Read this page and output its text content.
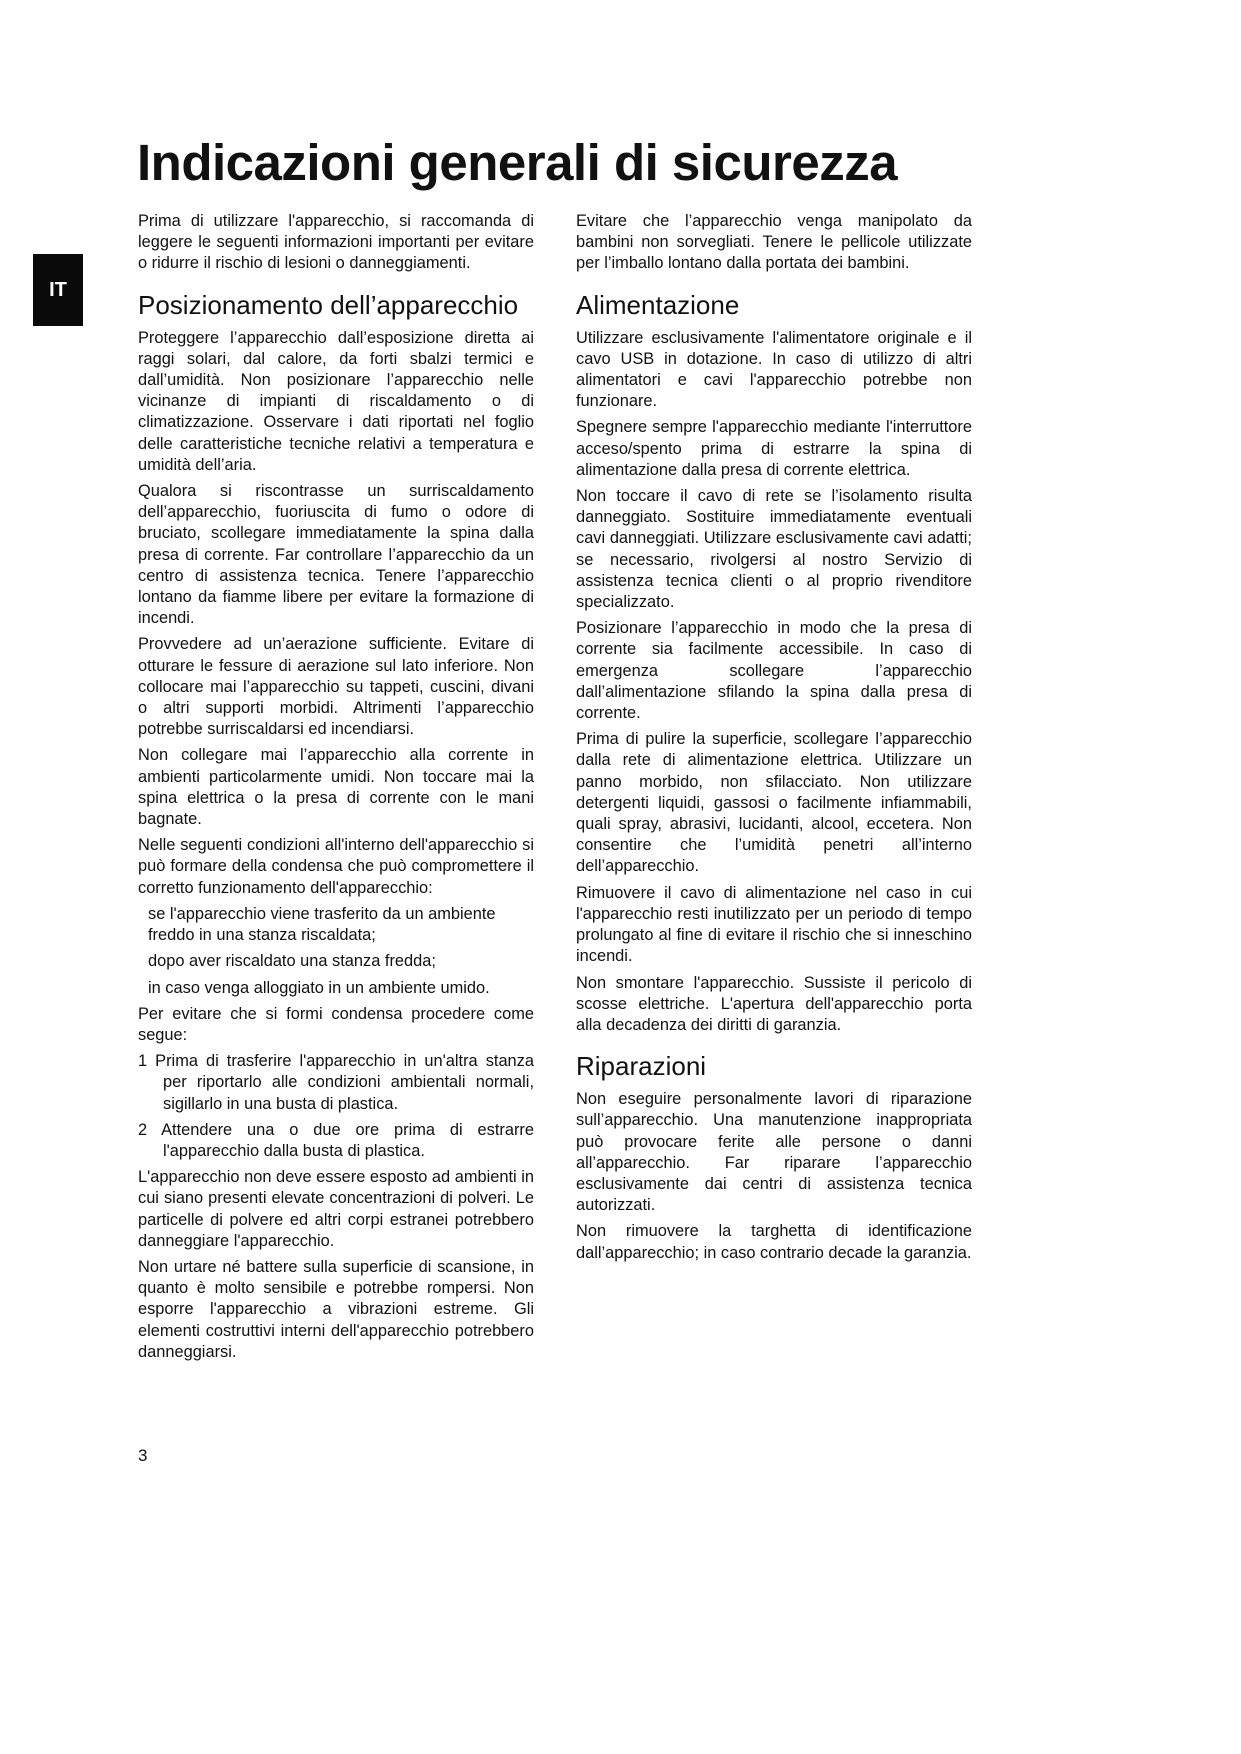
IT
Indicazioni generali di sicurezza

Prima di utilizzare l'apparecchio, si raccomanda di leggere le seguenti informazioni importanti per evitare o ridurre il rischio di lesioni o danneggiamenti.

Posizionamento dell’apparecchio

Proteggere l’apparecchio dall’esposizione diretta ai raggi solari, dal calore, da forti sbalzi termici e dall’umidità. Non posizionare l’apparecchio nelle vicinanze di impianti di riscaldamento o di climatizzazione. Osservare i dati riportati nel foglio delle caratteristiche tecniche relativi a temperatura e umidità dell’aria.

Qualora si riscontrasse un surriscaldamento dell’apparecchio, fuoriuscita di fumo o odore di bruciato, scollegare immediatamente la spina dalla presa di corrente. Far controllare l’apparecchio da un centro di assistenza tecnica. Tenere l’apparecchio lontano da fiamme libere per evitare la formazione di incendi.

Provvedere ad un’aerazione sufficiente. Evitare di otturare le fessure di aerazione sul lato inferiore. Non collocare mai l’apparecchio su tappeti, cuscini, divani o altri supporti morbidi. Altrimenti l’apparecchio potrebbe surriscaldarsi ed incendiarsi.

Non collegare mai l’apparecchio alla corrente in ambienti particolarmente umidi. Non toccare mai la spina elettrica o la presa di corrente con le mani bagnate.

Nelle seguenti condizioni all'interno dell'apparecchio si può formare della condensa che può compromettere il corretto funzionamento dell'apparecchio:

se l'apparecchio viene trasferito da un ambiente freddo in una stanza riscaldata;

dopo aver riscaldato una stanza fredda;

in caso venga alloggiato in un ambiente umido.

Per evitare che si formi condensa procedere come segue:

1 Prima di trasferire l'apparecchio in un'altra stanza per riportarlo alle condizioni ambientali normali, sigillarlo in una busta di plastica.

2 Attendere una o due ore prima di estrarre l'apparecchio dalla busta di plastica.

L'apparecchio non deve essere esposto ad ambienti in cui siano presenti elevate concentrazioni di polveri. Le particelle di polvere ed altri corpi estranei potrebbero danneggiare l'apparecchio.

Non urtare né battere sulla superficie di scansione, in quanto è molto sensibile e potrebbe rompersi. Non esporre l'apparecchio a vibrazioni estreme. Gli elementi costruttivi interni dell'apparecchio potrebbero danneggiarsi.

Evitare che l’apparecchio venga manipolato da bambini non sorvegliati. Tenere le pellicole utilizzate per l’imballo lontano dalla portata dei bambini.

Alimentazione

Utilizzare esclusivamente l'alimentatore originale e il cavo USB in dotazione. In caso di utilizzo di altri alimentatori e cavi l'apparecchio potrebbe non funzionare.

Spegnere sempre l'apparecchio mediante l'interruttore acceso/spento prima di estrarre la spina di alimentazione dalla presa di corrente elettrica.

Non toccare il cavo di rete se l’isolamento risulta danneggiato. Sostituire immediatamente eventuali cavi danneggiati. Utilizzare esclusivamente cavi adatti; se necessario, rivolgersi al nostro Servizio di assistenza tecnica clienti o al proprio rivenditore specializzato.

Posizionare l’apparecchio in modo che la presa di corrente sia facilmente accessibile. In caso di emergenza scollegare l’apparecchio dall’alimentazione sfilando la spina dalla presa di corrente.

Prima di pulire la superficie, scollegare l’apparecchio dalla rete di alimentazione elettrica. Utilizzare un panno morbido, non sfilacciato. Non utilizzare detergenti liquidi, gassosi o facilmente infiammabili, quali spray, abrasivi, lucidanti, alcool, eccetera. Non consentire che l’umidità penetri all’interno dell’apparecchio.

Rimuovere il cavo di alimentazione nel caso in cui l'apparecchio resti inutilizzato per un periodo di tempo prolungato al fine di evitare il rischio che si inneschino incendi.

Non smontare l'apparecchio. Sussiste il pericolo di scosse elettriche. L'apertura dell'apparecchio porta alla decadenza dei diritti di garanzia.

Riparazioni

Non eseguire personalmente lavori di riparazione sull’apparecchio. Una manutenzione inappropriata può provocare ferite alle persone o danni all’apparecchio. Far riparare l’apparecchio esclusivamente dai centri di assistenza tecnica autorizzati.

Non rimuovere la targhetta di identificazione dall’apparecchio; in caso contrario decade la garanzia.

3
